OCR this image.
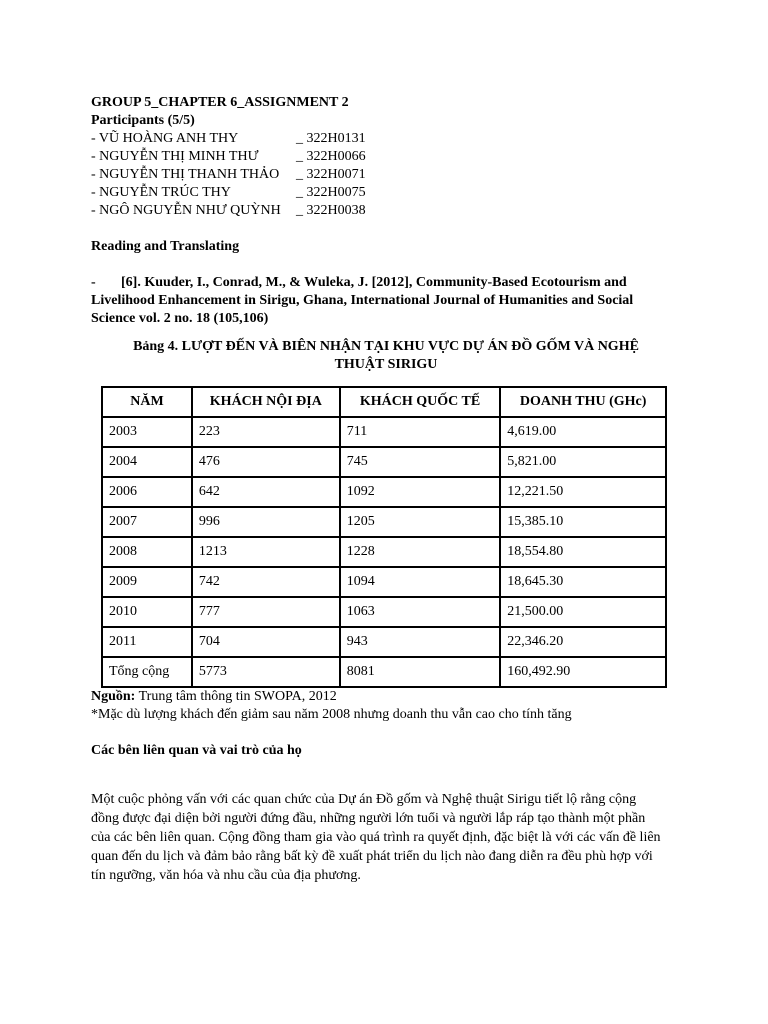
GROUP 5_CHAPTER 6_ASSIGNMENT 2
Participants (5/5)
- VŨ HOÀNG ANH THY	_ 322H0131
- NGUYỄN THỊ MINH THƯ	_ 322H0066
- NGUYỄN THỊ THANH THẢO	_ 322H0071
- NGUYỄN TRÚC THY	_ 322H0075
- NGÔ NGUYỄN NHƯ QUỲNH	_ 322H0038
Reading and Translating
- [6]. Kuuder, I., Conrad, M., & Wuleka, J. [2012], Community-Based Ecotourism and Livelihood Enhancement in Sirigu, Ghana, International Journal of Humanities and Social Science vol. 2 no. 18 (105,106)
Bảng 4. LƯỢT ĐẾN VÀ BIÊN NHẬN TẠI KHU VỰC DỰ ÁN ĐỒ GỐM VÀ NGHỆ THUẬT SIRIGU
NĂM	KHÁCH NỘI ĐỊA	KHÁCH QUỐC TẾ	DOANH THU (GHc)
2003	223	711	4,619.00
2004	476	745	5,821.00
2006	642	1092	12,221.50
2007	996	1205	15,385.10
2008	1213	1228	18,554.80
2009	742	1094	18,645.30
2010	777	1063	21,500.00
2011	704	943	22,346.20
Tổng cộng	5773	8081	160,492.90
Nguồn: Trung tâm thông tin SWOPA, 2012
*Mặc dù lượng khách đến giảm sau năm 2008 nhưng doanh thu vẫn cao cho tính tăng
Các bên liên quan và vai trò của họ
Một cuộc phỏng vấn với các quan chức của Dự án Đồ gốm và Nghệ thuật Sirigu tiết lộ rằng cộng đồng được đại diện bởi người đứng đầu, những người lớn tuổi và người lắp ráp tạo thành một phần của các bên liên quan. Cộng đồng tham gia vào quá trình ra quyết định, đặc biệt là với các vấn đề liên quan đến du lịch và đảm bảo rằng bất kỳ đề xuất phát triển du lịch nào đang diễn ra đều phù hợp với tín ngưỡng, văn hóa và nhu cầu của địa phương.
